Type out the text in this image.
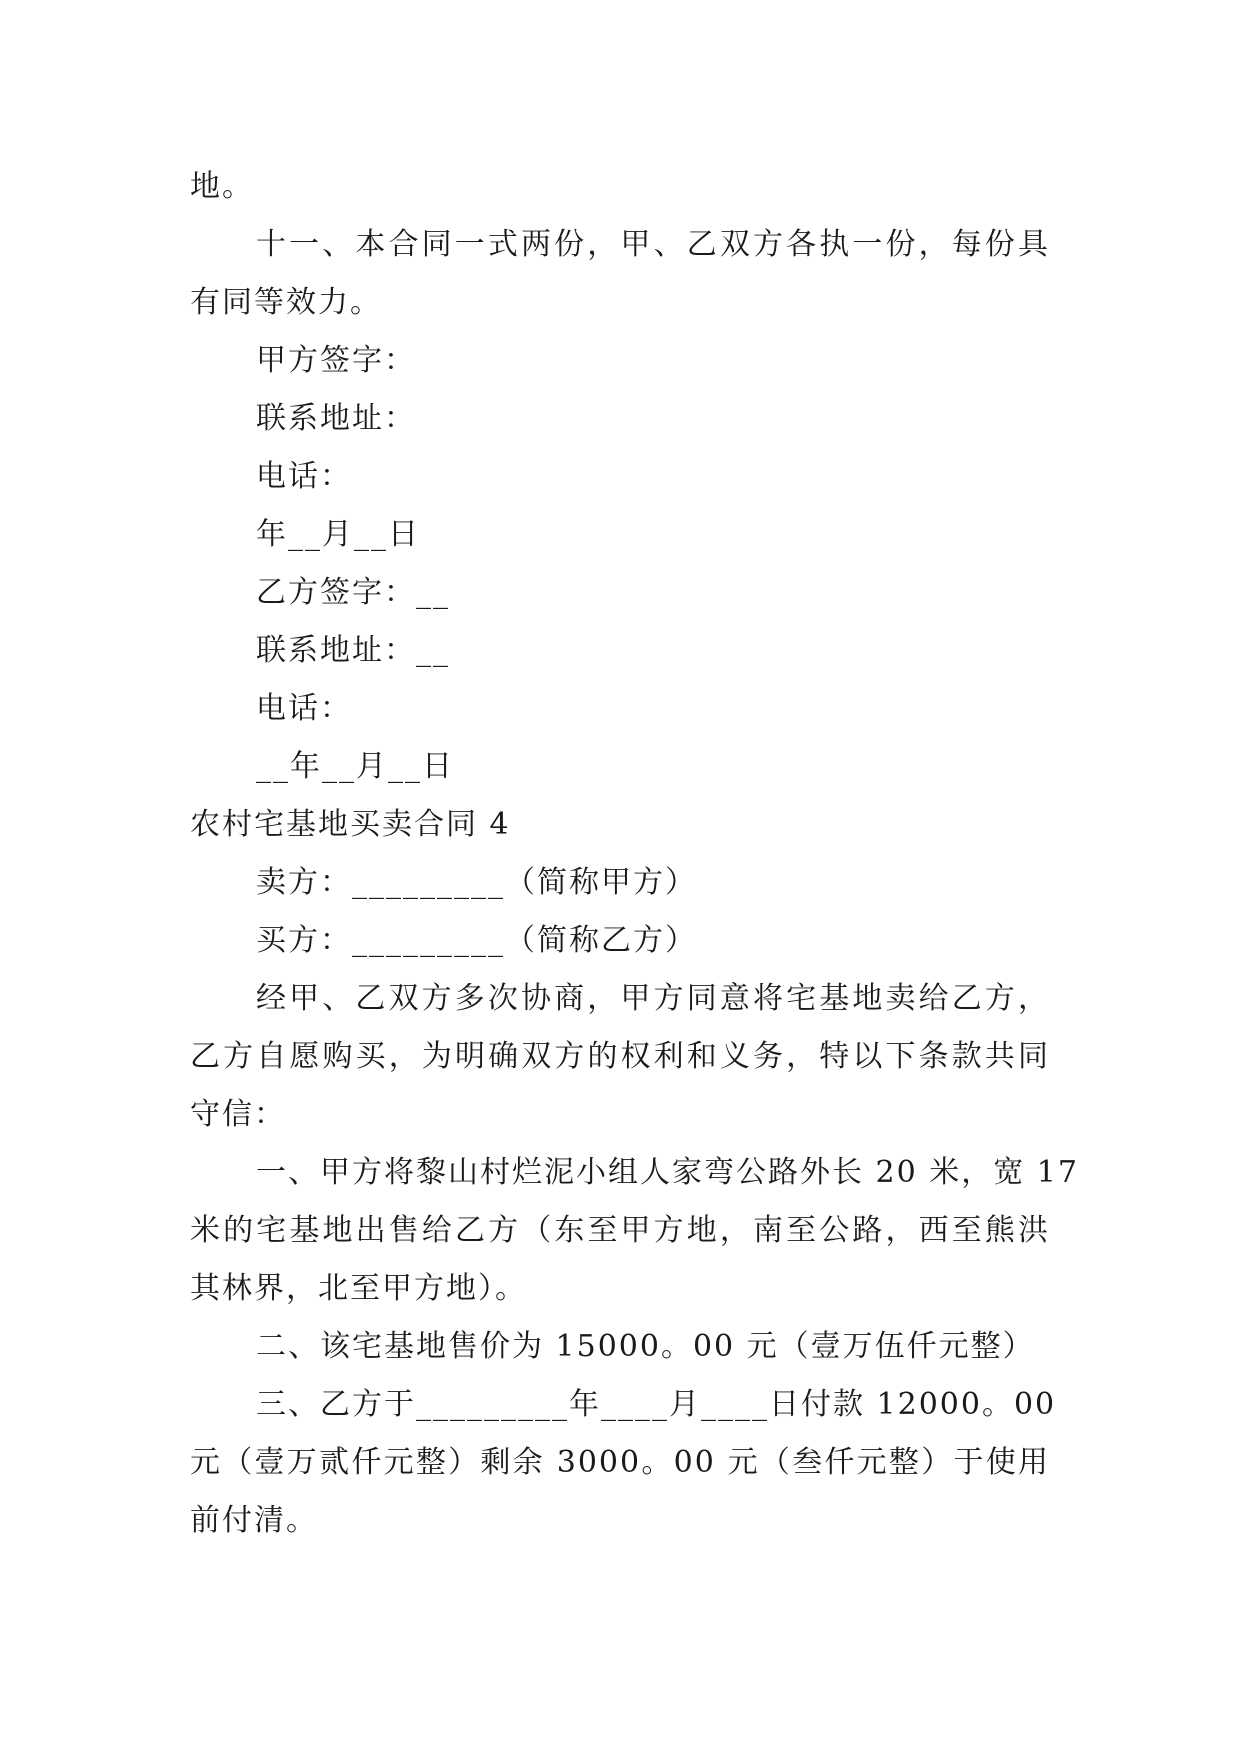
地。
十一、本合同一式两份，甲、乙双方各执一份，每份具
有同等效力。
甲方签字：
联系地址：
电话：
年__月__日
乙方签字：__
联系地址：__
电话：
__年__月__日
农村宅基地买卖合同 4
卖方：_________（简称甲方）
买方：_________（简称乙方）
经甲、乙双方多次协商，甲方同意将宅基地卖给乙方，
乙方自愿购买，为明确双方的权利和义务，特以下条款共同
守信：
一、甲方将黎山村烂泥小组人家弯公路外长 20 米，宽 17
米的宅基地出售给乙方（东至甲方地，南至公路，西至熊洪
其林界，北至甲方地）。
二、该宅基地售价为 15000。00 元（壹万伍仟元整）
三、乙方于_________年____月____日付款 12000。00
元（壹万贰仟元整）剩余 3000。00 元（叁仟元整）于使用
前付清。
